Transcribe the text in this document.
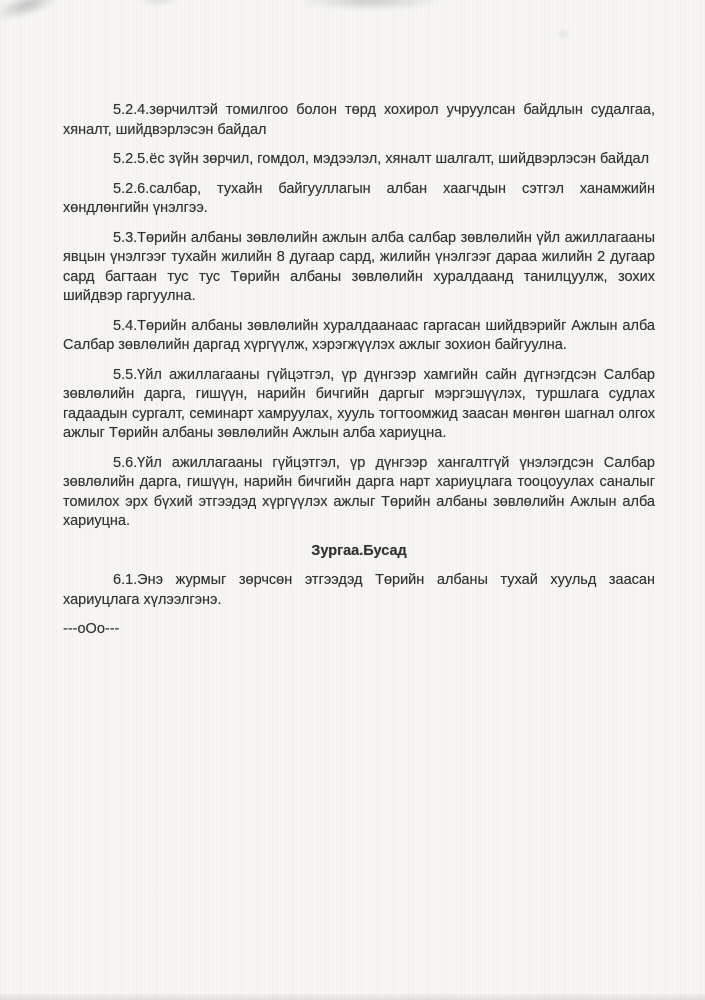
5.2.4.зөрчилтэй томилгоо болон төрд хохирол учруулсан байдлын судалгаа, хяналт, шийдвэрлэсэн байдал

5.2.5.ёс зүйн зөрчил, гомдол, мэдээлэл, хяналт шалгалт, шийдвэрлэсэн байдал

5.2.6.салбар, тухайн байгууллагын албан хаагчдын сэтгэл ханамжийн хөндлөнгийн үнэлгээ.

5.3.Төрийн албаны зөвлөлийн ажлын алба салбар зөвлөлийн үйл ажиллагааны явцын үнэлгээг тухайн жилийн 8 дугаар сард, жилийн үнэлгээг дараа жилийн 2 дугаар сард багтаан тус тус Төрийн албаны зөвлөлийн хуралдаанд танилцуулж, зохих шийдвэр гаргуулна.

5.4.Төрийн албаны зөвлөлийн хуралдаанаас гаргасан шийдвэрийг Ажлын алба Салбар зөвлөлийн даргад хүргүүлж, хэрэгжүүлэх ажлыг зохион байгуулна.

5.5.Үйл ажиллагааны гүйцэтгэл, үр дүнгээр хамгийн сайн дүгнэгдсэн Салбар зөвлөлийн дарга, гишүүн, нарийн бичгийн даргыг мэргэшүүлэх, туршлага судлах гадаадын сургалт, семинарт хамруулах, хууль тогтоомжид заасан мөнгөн шагнал олгох ажлыг Төрийн албаны зөвлөлийн Ажлын алба хариуцна.

5.6.Үйл ажиллагааны гүйцэтгэл, үр дүнгээр хангалтгүй үнэлэгдсэн Салбар зөвлөлийн дарга, гишүүн, нарийн бичгийн дарга нарт хариуцлага тооцоуулах саналыг томилох эрх бүхий этгээдэд хүргүүлэх ажлыг Төрийн албаны зөвлөлийн Ажлын алба хариуцна.

Зургаа.Бусад

6.1.Энэ журмыг зөрчсөн этгээдэд Төрийн албаны тухай хуульд заасан хариуцлага хүлээлгэнэ.

---oOo---
